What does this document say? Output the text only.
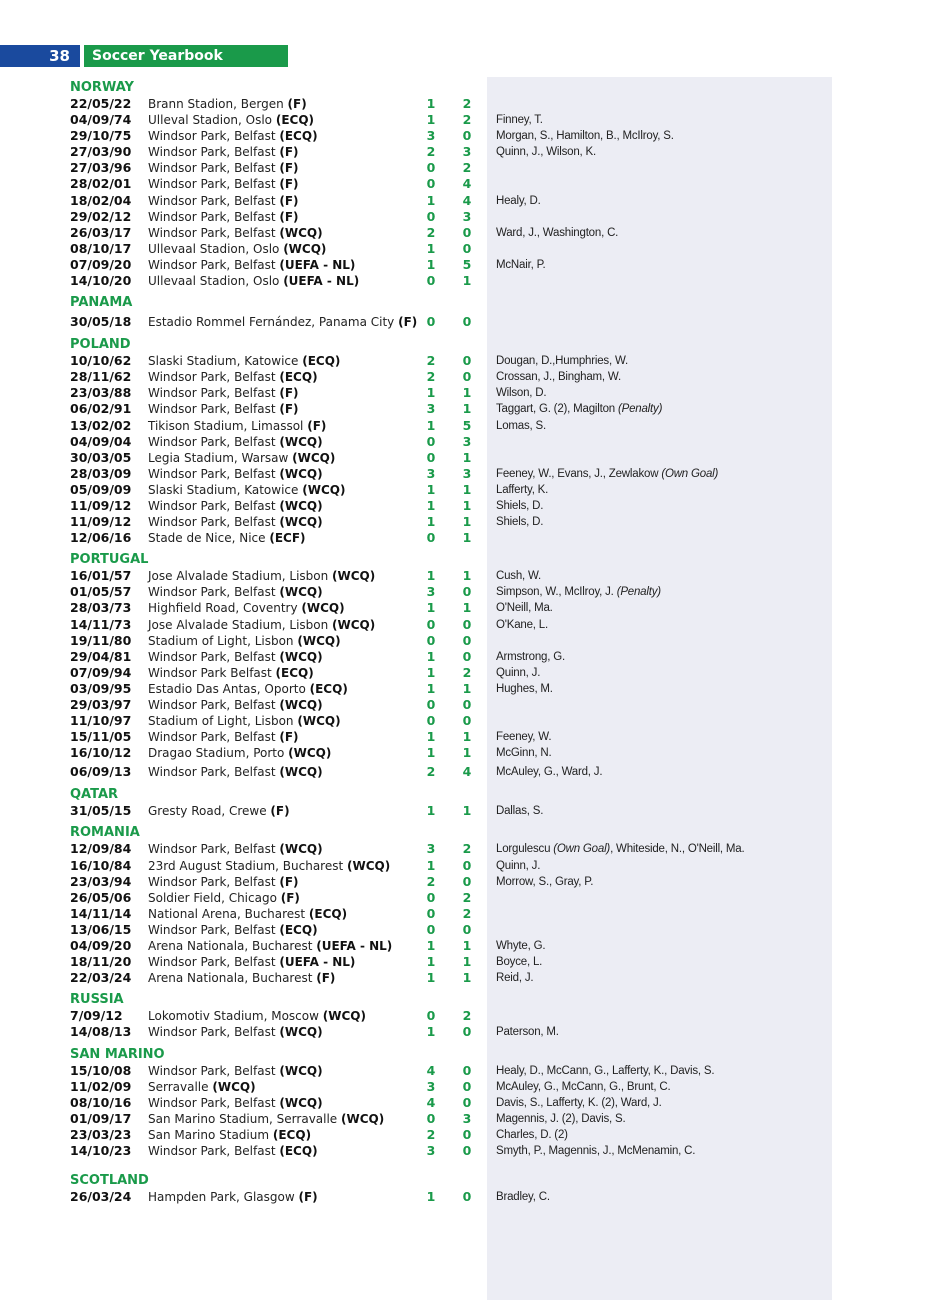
38	Soccer Yearbook 2025/26
NORWAY
22/05/22 Brann Stadion, Bergen (F)	1 2
04/09/74 Ulleval Stadion, Oslo (ECQ)	1 2 Finney, T.
29/10/75 Windsor Park, Belfast (ECQ)	3 0 Morgan, S., Hamilton, B., McIlroy, S.
27/03/90 Windsor Park, Belfast (F)	2 3 Quinn, J., Wilson, K.
27/03/96 Windsor Park, Belfast (F)	0 2
28/02/01 Windsor Park, Belfast (F)	0 4
18/02/04 Windsor Park, Belfast (F)	1 4 Healy, D.
29/02/12 Windsor Park, Belfast (F)	0 3
26/03/17 Windsor Park, Belfast (WCQ)	2 0 Ward, J., Washington, C.
08/10/17 Ullevaal Stadion, Oslo (WCQ)	1 0
07/09/20 Windsor Park, Belfast (UEFA - NL)	1 5 McNair, P.
14/10/20 Ullevaal Stadion, Oslo (UEFA - NL)	0 1
PANAMA
30/05/18 Estadio Rommel Fernández, Panama City (F) 0 0
POLAND
10/10/62 Slaski Stadium, Katowice (ECQ)	2 0 Dougan, D.,Humphries, W.
28/11/62 Windsor Park, Belfast (ECQ)	2 0 Crossan, J., Bingham, W.
23/03/88 Windsor Park, Belfast (F)	1 1 Wilson, D.
06/02/91 Windsor Park, Belfast (F)	3 1 Taggart, G. (2), Magilton (Penalty)
13/02/02 Tikison Stadium, Limassol (F)	1 5 Lomas, S.
04/09/04 Windsor Park, Belfast (WCQ)	0 3
30/03/05 Legia Stadium, Warsaw (WCQ)	0 1
28/03/09 Windsor Park, Belfast (WCQ)	3 3 Feeney, W., Evans, J., Zewlakow (Own Goal)
05/09/09 Slaski Stadium, Katowice (WCQ)	1 1 Lafferty, K.
11/09/12 Windsor Park, Belfast (WCQ)	1 1 Shiels, D.
11/09/12 Windsor Park, Belfast (WCQ)	1 1 Shiels, D.
12/06/16 Stade de Nice, Nice (ECF)	0 1
PORTUGAL
16/01/57 Jose Alvalade Stadium, Lisbon (WCQ)	1 1 Cush, W.
01/05/57 Windsor Park, Belfast (WCQ)	3 0 Simpson, W., McIlroy, J. (Penalty)
28/03/73 Highfield Road, Coventry (WCQ)	1 1 O'Neill, Ma.
14/11/73 Jose Alvalade Stadium, Lisbon (WCQ)	0 0 O'Kane, L.
19/11/80 Stadium of Light, Lisbon (WCQ)	0 0
29/04/81 Windsor Park, Belfast (WCQ)	1 0 Armstrong, G.
07/09/94 Windsor Park Belfast (ECQ)	1 2 Quinn, J.
03/09/95 Estadio Das Antas, Oporto (ECQ)	1 1 Hughes, M.
29/03/97 Windsor Park, Belfast (WCQ)	0 0
11/10/97 Stadium of Light, Lisbon (WCQ)	0 0
15/11/05 Windsor Park, Belfast (F)	1 1 Feeney, W.
16/10/12 Dragao Stadium, Porto (WCQ)	1 1 McGinn, N.
06/09/13 Windsor Park, Belfast (WCQ)	2 4 McAuley, G., Ward, J.
QATAR
31/05/15 Gresty Road, Crewe (F)	1 1 Dallas, S.
ROMANIA
12/09/84 Windsor Park, Belfast (WCQ)	3 2 Lorgulescu (Own Goal), Whiteside, N., O'Neill, Ma.
16/10/84 23rd August Stadium, Bucharest (WCQ)	1 0 Quinn, J.
23/03/94 Windsor Park, Belfast (F)	2 0 Morrow, S., Gray, P.
26/05/06 Soldier Field, Chicago (F)	0 2
14/11/14 National Arena, Bucharest (ECQ)	0 2
13/06/15 Windsor Park, Belfast (ECQ)	0 0
04/09/20 Arena Nationala, Bucharest (UEFA - NL)	1 1 Whyte, G.
18/11/20 Windsor Park, Belfast (UEFA - NL)	1 1 Boyce, L.
22/03/24 Arena Nationala, Bucharest (F)	1 1 Reid, J.
RUSSIA
7/09/12 Lokomotiv Stadium, Moscow (WCQ)	0 2
14/08/13 Windsor Park, Belfast (WCQ)	1 0 Paterson, M.
SAN MARINO
15/10/08 Windsor Park, Belfast (WCQ)	4 0 Healy, D., McCann, G., Lafferty, K., Davis, S.
11/02/09 Serravalle (WCQ)	3 0 McAuley, G., McCann, G., Brunt, C.
08/10/16 Windsor Park, Belfast (WCQ)	4 0 Davis, S., Lafferty, K. (2), Ward, J.
01/09/17 San Marino Stadium, Serravalle (WCQ)	0 3 Magennis, J. (2), Davis, S.
23/03/23 San Marino Stadium (ECQ)	2 0 Charles, D. (2)
14/10/23 Windsor Park, Belfast (ECQ)	3 0 Smyth, P., Magennis, J., McMenamin, C.
SCOTLAND
26/03/24 Hampden Park, Glasgow (F)	1 0 Bradley, C.
